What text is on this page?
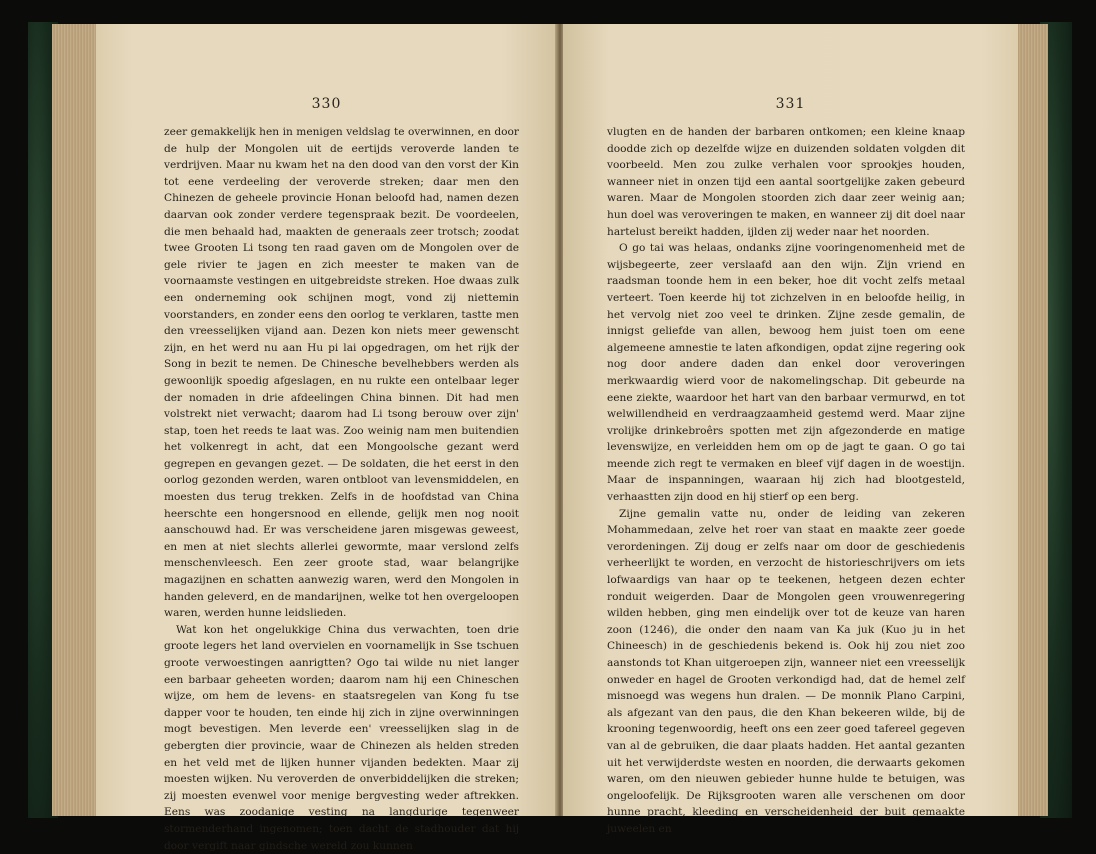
330

zeer gemakkelijk hen in menigen veldslag te overwinnen, en door de hulp der Mongolen uit de eertijds veroverde landen te verdrijven. Maar nu kwam het na den dood van den vorst der Kin tot eene verdeeling der veroverde streken; daar men den Chinezen de geheele provincie Honan beloofd had, namen dezen daarvan ook zonder verdere tegenspraak bezit. De voordeelen, die men behaald had, maakten de generaals zeer trotsch; zoodat twee Grooten Li tsong ten raad gaven om de Mongolen over de gele rivier te jagen en zich meester te maken van de voornaamste vestingen en uitgebreidste streken. Hoe dwaas zulk een onderneming ook schijnen mogt, vond zij niettemin voorstanders, en zonder eens den oorlog te verklaren, tastte men den vreesselijken vijand aan. Dezen kon niets meer gewenscht zijn, en het werd nu aan Hu pi lai opgedragen, om het rijk der Song in bezit te nemen. De Chinesche bevelhebbers werden als gewoonlijk spoedig afgeslagen, en nu rukte een ontelbaar leger der nomaden in drie afdeelingen China binnen. Dit had men volstrekt niet verwacht; daarom had Li tsong berouw over zijn' stap, toen het reeds te laat was. Zoo weinig nam men buitendien het volkenregt in acht, dat een Mongoolsche gezant werd gegrepen en gevangen gezet. — De soldaten, die het eerst in den oorlog gezonden werden, waren ontbloot van levensmiddelen, en moesten dus terug trekken. Zelfs in de hoofdstad van China heerschte een hongersnood en ellende, gelijk men nog nooit aanschouwd had. Er was verscheidene jaren misgewas geweest, en men at niet slechts allerlei gewormte, maar verslond zelfs menschenvleesch. Een zeer groote stad, waar belangrijke magazijnen en schatten aanwezig waren, werd den Mongolen in handen geleverd, en de mandarijnen, welke tot hen overgeloopen waren, werden hunne leidslieden.

Wat kon het ongelukkige China dus verwachten, toen drie groote legers het land overvielen en voornamelijk in Sse tschuen groote verwoestingen aanrigtten? Ogo tai wilde nu niet langer een barbaar geheeten worden; daarom nam hij een Chineschen wijze, om hem de levens- en staatsregelen van Kong fu tse dapper voor te houden, ten einde hij zich in zijne overwinningen mogt bevestigen. Men leverde een' vreesselijken slag in de gebergten dier provincie, waar de Chinezen als helden streden en het veld met de lijken hunner vijanden bedekten. Maar zij moesten wijken. Nu veroverden de onverbiddelijken die streken; zij moesten evenwel voor menige bergvesting weder aftrekken. Eens was zoodanige vesting na langdurige tegenweer stormenderhand ingenomen; toen dacht de stadhouder dat hij door vergift naar gindsche wereld zou kunnen

331

vlugten en de handen der barbaren ontkomen; een kleine knaap doodde zich op dezelfde wijze en duizenden soldaten volgden dit voorbeeld. Men zou zulke verhalen voor sprookjes houden, wanneer niet in onzen tijd een aantal soortgelijke zaken gebeurd waren. Maar de Mongolen stoorden zich daar zeer weinig aan; hun doel was veroveringen te maken, en wanneer zij dit doel naar hartelust bereikt hadden, ijlden zij weder naar het noorden.

O go tai was helaas, ondanks zijne vooringenomenheid met de wijsbegeerte, zeer verslaafd aan den wijn. Zijn vriend en raadsman toonde hem in een beker, hoe dit vocht zelfs metaal verteert. Toen keerde hij tot zichzelven in en beloofde heilig, in het vervolg niet zoo veel te drinken. Zijne zesde gemalin, de innigst geliefde van allen, bewoog hem juist toen om eene algemeene amnestie te laten afkondigen, opdat zijne regering ook nog door andere daden dan enkel door veroveringen merkwaardig wierd voor de nakomelingschap. Dit gebeurde na eene ziekte, waardoor het hart van den barbaar vermurwd, en tot welwillendheid en verdraagzaamheid gestemd werd. Maar zijne vrolijke drinkebroêrs spotten met zijn afgezonderde en matige levenswijze, en verleidden hem om op de jagt te gaan. O go tai meende zich regt te vermaken en bleef vijf dagen in de woestijn. Maar de inspanningen, waaraan hij zich had blootgesteld, verhaastten zijn dood en hij stierf op een berg.

Zijne gemalin vatte nu, onder de leiding van zekeren Mohammedaan, zelve het roer van staat en maakte zeer goede verordeningen. Zij doug er zelfs naar om door de geschiedenis verheerlijkt te worden, en verzocht de historieschrijvers om iets lofwaardigs van haar op te teekenen, hetgeen dezen echter ronduit weigerden. Daar de Mongolen geen vrouwenregering wilden hebben, ging men eindelijk over tot de keuze van haren zoon (1246), die onder den naam van Ka juk (Kuo ju in het Chineesch) in de geschiedenis bekend is. Ook hij zou niet zoo aanstonds tot Khan uitgeroepen zijn, wanneer niet een vreesselijk onweder en hagel de Grooten verkondigd had, dat de hemel zelf misnoegd was wegens hun dralen. — De monnik Plano Carpini, als afgezant van den paus, die den Khan bekeeren wilde, bij de krooning tegenwoordig, heeft ons een zeer goed tafereel gegeven van al de gebruiken, die daar plaats hadden. Het aantal gezanten uit het verwijderdste westen en noorden, die derwaarts gekomen waren, om den nieuwen gebieder hunne hulde te betuigen, was ongeloofelijk. De Rijksgrooten waren alle verschenen om door hunne pracht, kleeding en verscheidenheid der buit gemaakte juweelen en
